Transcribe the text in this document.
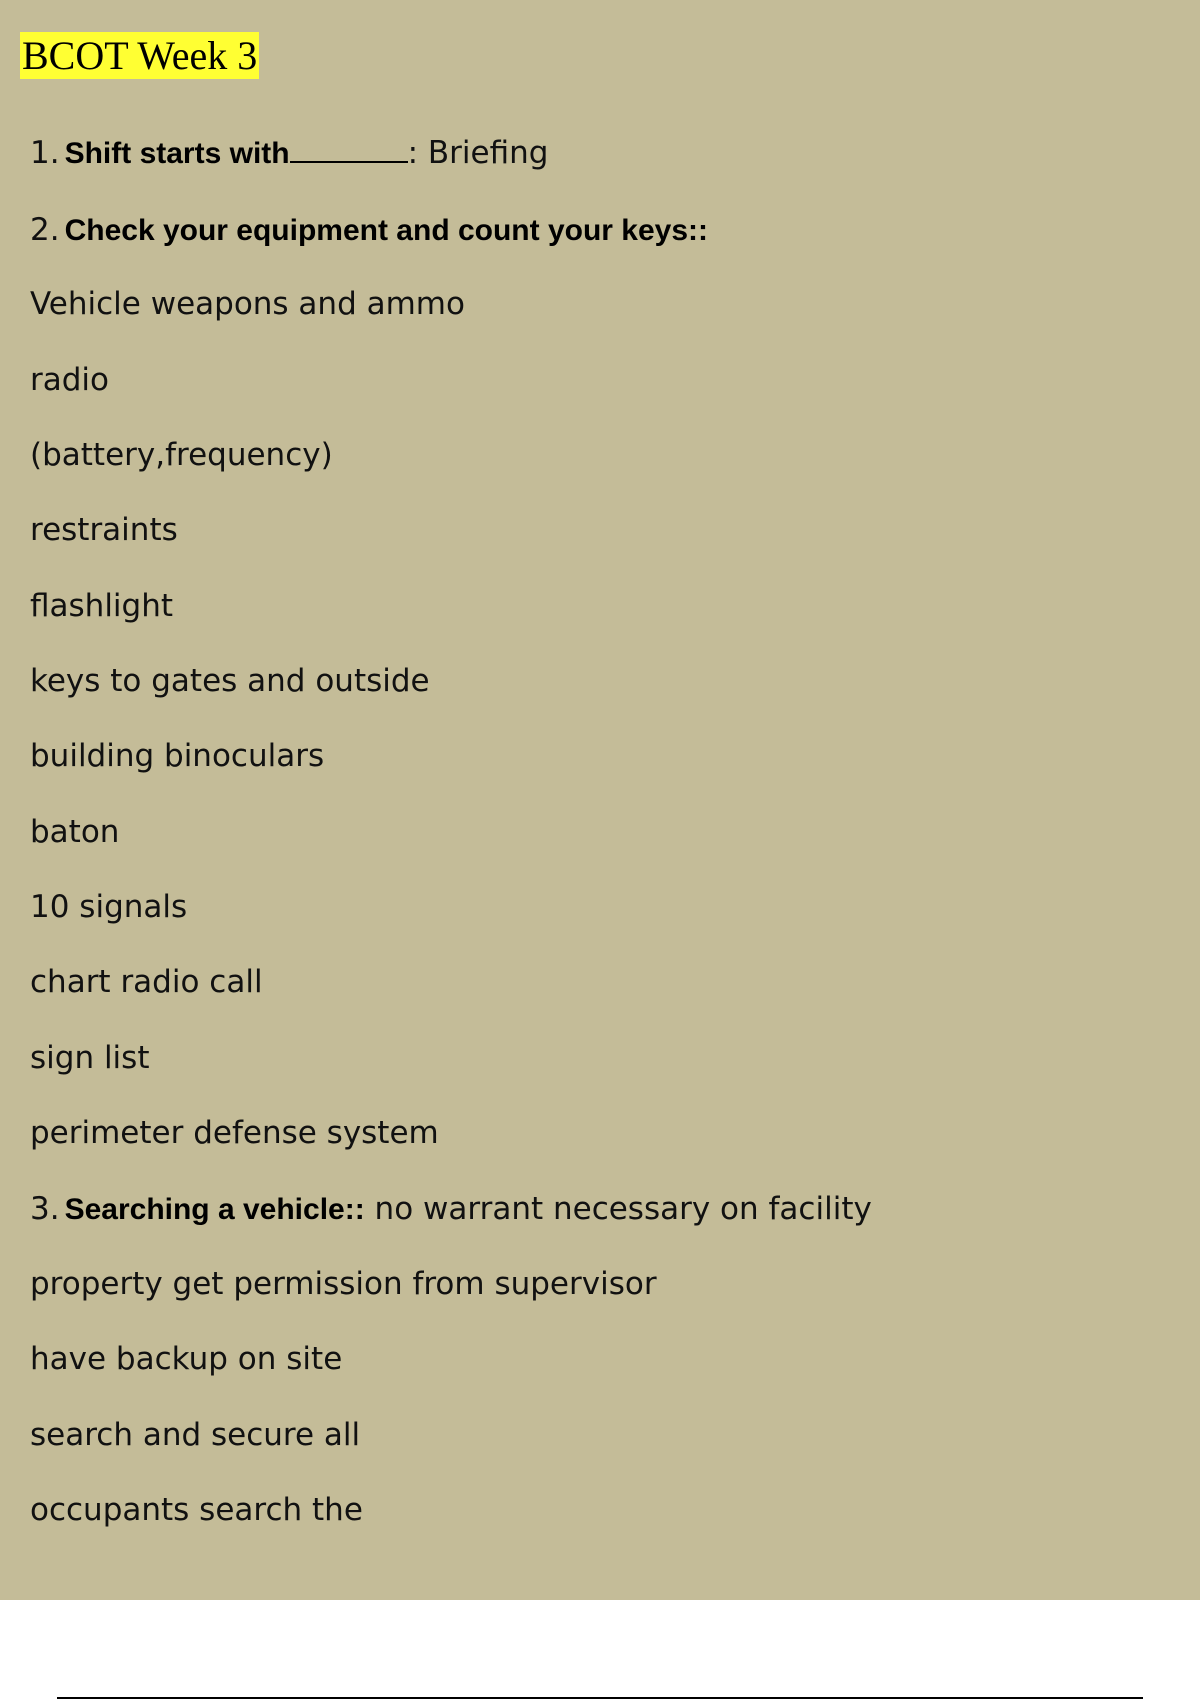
BCOT Week 3
1. Shift starts with	: Briefing
2. Check your equipment and count your keys::
Vehicle weapons and ammo
radio
(battery,frequency)
restraints
flashlight
keys to gates and outside
building binoculars
baton
10 signals
chart radio call
sign list
perimeter defense system
3. Searching a vehicle:: no warrant necessary on facility
property get permission from supervisor
have backup on site
search and secure all
occupants search the
